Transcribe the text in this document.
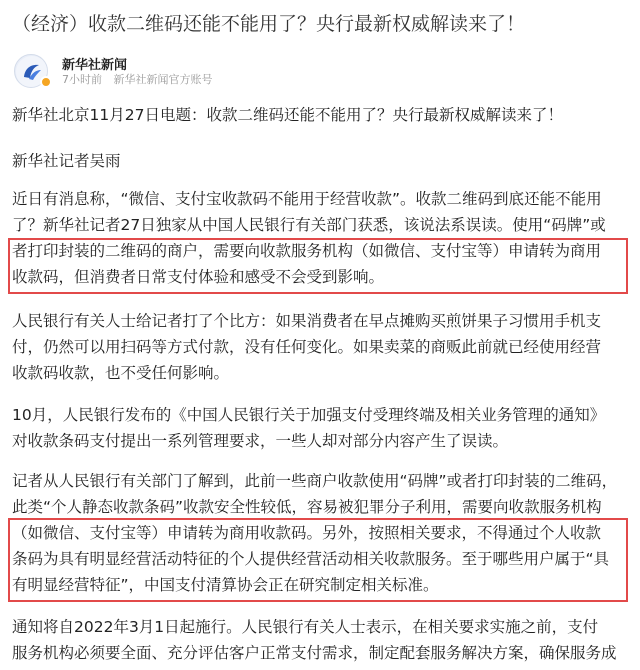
（经济）收款二维码还能不能用了？央行最新权威解读来了！
新华社新闻
7小时前 新华社新闻官方账号
新华社北京11月27日电题：收款二维码还能不能用了？央行最新权威解读来了！
新华社记者吴雨
近日有消息称，“微信、支付宝收款码不能用于经营收款”。收款二维码到底还能不能用
了？新华社记者27日独家从中国人民银行有关部门获悉，该说法系误读。使用“码牌”或
者打印封装的二维码的商户，需要向收款服务机构（如微信、支付宝等）申请转为商用
收款码，但消费者日常支付体验和感受不会受到影响。
人民银行有关人士给记者打了个比方：如果消费者在早点摊购买煎饼果子习惯用手机支
付，仍然可以用扫码等方式付款，没有任何变化。如果卖菜的商贩此前就已经使用经营
收款码收款，也不受任何影响。
10月，人民银行发布的《中国人民银行关于加强支付受理终端及相关业务管理的通知》
对收款条码支付提出一系列管理要求，一些人却对部分内容产生了误读。
记者从人民银行有关部门了解到，此前一些商户收款使用“码牌”或者打印封装的二维码，
此类“个人静态收款条码”收款安全性较低，容易被犯罪分子利用，需要向收款服务机构
（如微信、支付宝等）申请转为商用收款码。另外，按照相关要求，不得通过个人收款
条码为具有明显经营活动特征的个人提供经营活动相关收款服务。至于哪些用户属于“具
有明显经营特征”，中国支付清算协会正在研究制定相关标准。
通知将自2022年3月1日起施行。人民银行有关人士表示，在相关要求实施之前，支付
服务机构必须要全面、充分评估客户正常支付需求，制定配套服务解决方案，确保服务成
